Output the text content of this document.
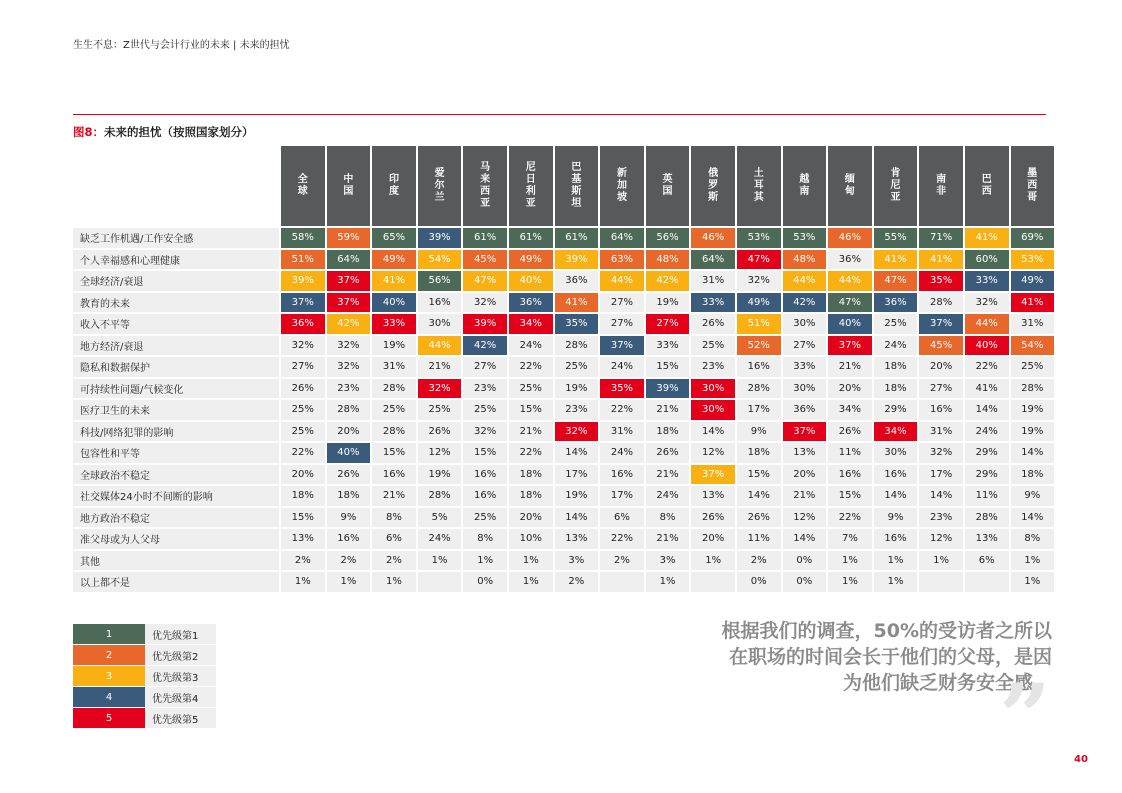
生生不息：Z世代与会计行业的未来 | 未来的担忧
图8：未来的担忧（按照国家划分）
	全球	中国	印度	爱尔兰	马来西亚	尼日利亚	巴基斯坦	新加坡	英国	俄罗斯	土耳其	越南	缅甸	肯尼亚	南非	巴西	墨西哥
缺乏工作机遇/工作安全感	58%	59%	65%	39%	61%	61%	61%	64%	56%	46%	53%	53%	46%	55%	71%	41%	69%
个人幸福感和心理健康	51%	64%	49%	54%	45%	49%	39%	63%	48%	64%	47%	48%	36%	41%	41%	60%	53%
全球经济/衰退	39%	37%	41%	56%	47%	40%	36%	44%	42%	31%	32%	44%	44%	47%	35%	33%	49%
教育的未来	37%	37%	40%	16%	32%	36%	41%	27%	19%	33%	49%	42%	47%	36%	28%	32%	41%
收入不平等	36%	42%	33%	30%	39%	34%	35%	27%	27%	26%	51%	30%	40%	25%	37%	44%	31%
地方经济/衰退	32%	32%	19%	44%	42%	24%	28%	37%	33%	25%	52%	27%	37%	24%	45%	40%	54%
隐私和数据保护	27%	32%	31%	21%	27%	22%	25%	24%	15%	23%	16%	33%	21%	18%	20%	22%	25%
可持续性问题/气候变化	26%	23%	28%	32%	23%	25%	19%	35%	39%	30%	28%	30%	20%	18%	27%	41%	28%
医疗卫生的未来	25%	28%	25%	25%	25%	15%	23%	22%	21%	30%	17%	36%	34%	29%	16%	14%	19%
科技/网络犯罪的影响	25%	20%	28%	26%	32%	21%	32%	31%	18%	14%	9%	37%	26%	34%	31%	24%	19%
包容性和平等	22%	40%	15%	12%	15%	22%	14%	24%	26%	12%	18%	13%	11%	30%	32%	29%	14%
全球政治不稳定	20%	26%	16%	19%	16%	18%	17%	16%	21%	37%	15%	20%	16%	16%	17%	29%	18%
社交媒体24小时不间断的影响	18%	18%	21%	28%	16%	18%	19%	17%	24%	13%	14%	21%	15%	14%	14%	11%	9%
地方政治不稳定	15%	9%	8%	5%	25%	20%	14%	6%	8%	26%	26%	12%	22%	9%	23%	28%	14%
准父母或为人父母	13%	16%	6%	24%	8%	10%	13%	22%	21%	20%	11%	14%	7%	16%	12%	13%	8%
其他	2%	2%	2%	1%	1%	1%	3%	2%	3%	1%	2%	0%	1%	1%	1%	6%	1%
以上都不是	1%	1%	1%		0%	1%	2%		1%		0%	0%	1%	1%			1%
1	优先级第1
2	优先级第2
3	优先级第3
4	优先级第4
5	优先级第5
根据我们的调查，50%的受访者之所以在职场的时间会长于他们的父母，是因为他们缺乏财务安全感。
” 40
